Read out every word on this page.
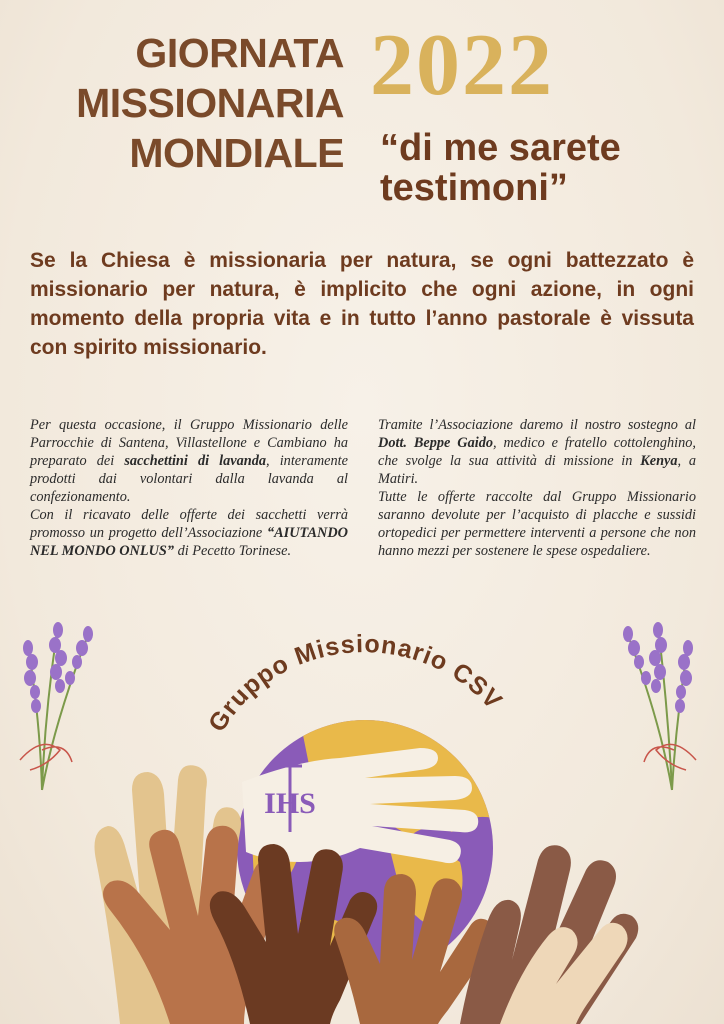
GIORNATA
MISSIONARIA
MONDIALE
2022
“di me sarete
testimoni”
Se la Chiesa è missionaria per natura, se ogni battezzato è missionario per natura, è implicito che ogni azione, in ogni momento della propria vita e in tutto l’anno pastorale è vissuta con spirito missionario.

Per questa occasione, il Gruppo Missionario delle Parrocchie di Santena, Villastellone e Cambiano ha preparato dei sacchettini di lavanda, interamente prodotti dai volontari dalla lavanda al confezionamento.

Con il ricavato delle offerte dei sacchetti verrà promosso un progetto dell’Associazione “AIUTANDO NEL MONDO ONLUS” di Pecetto Torinese.

Tramite l’Associazione daremo il nostro sostegno al Dott. Beppe Gaido, medico e fratello cottolenghino, che svolge la sua attività di missione in Kenya, a Matiri.

Tutte le offerte raccolte dal Gruppo Missionario saranno devolute per l’acquisto di placche e sussidi ortopedici per permettere interventi a persone che non hanno mezzi per sostenere le spese ospedaliere.

Gruppo Missionario CSV
IHS
